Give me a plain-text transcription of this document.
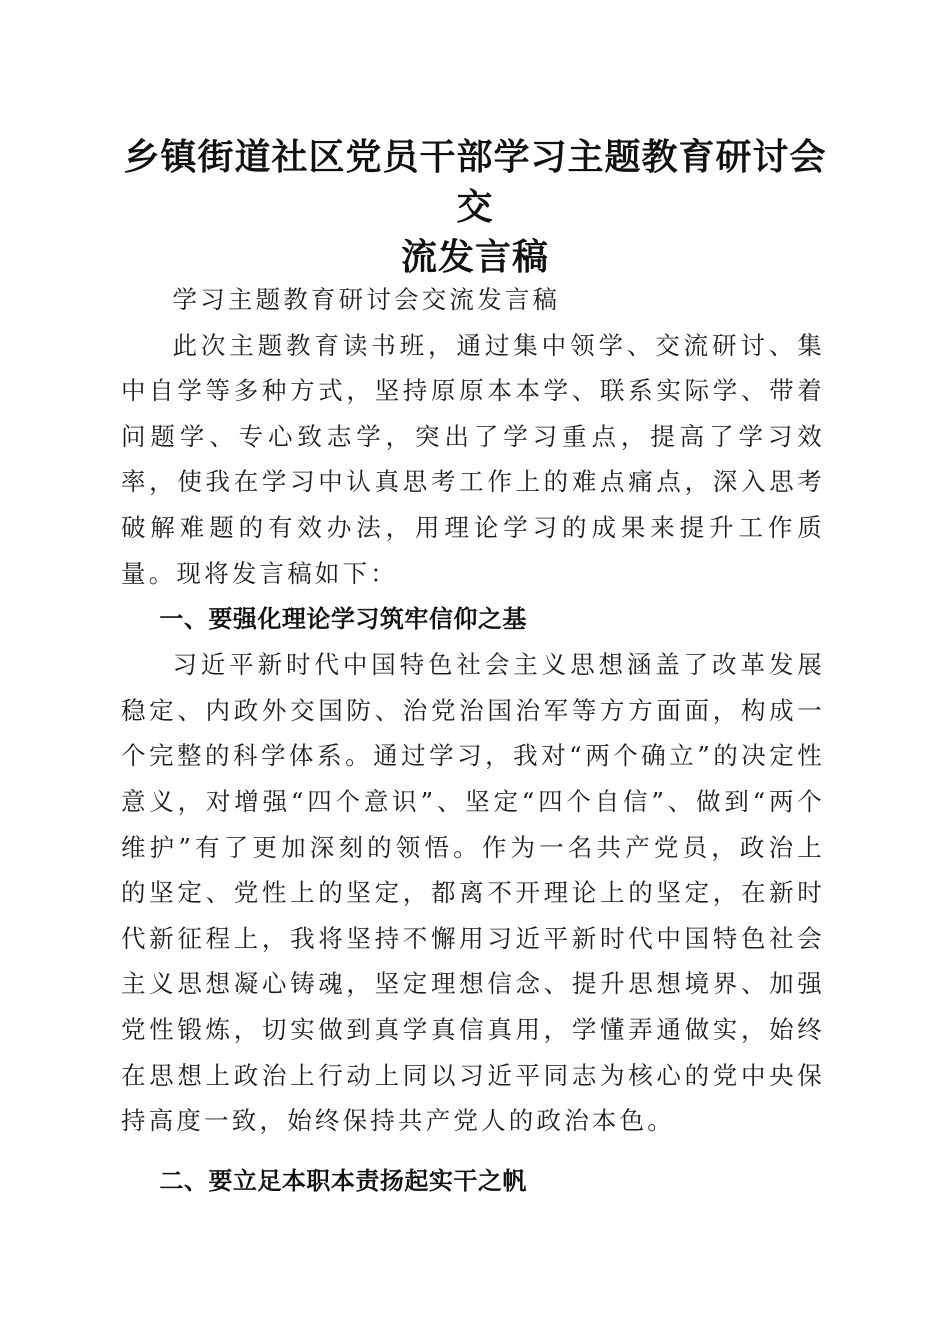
乡镇街道社区党员干部学习主题教育研讨会交
流发言稿

学习主题教育研讨会交流发言稿

此次主题教育读书班，通过集中领学、交流研讨、集中自学等多种方式，坚持原原本本学、联系实际学、带着问题学、专心致志学，突出了学习重点，提高了学习效率，使我在学习中认真思考工作上的难点痛点，深入思考破解难题的有效办法，用理论学习的成果来提升工作质量。现将发言稿如下：

一、要强化理论学习筑牢信仰之基

习近平新时代中国特色社会主义思想涵盖了改革发展稳定、内政外交国防、治党治国治军等方方面面，构成一个完整的科学体系。通过学习，我对“两个确立”的决定性意义，对增强“四个意识”、坚定“四个自信”、做到“两个维护”有了更加深刻的领悟。作为一名共产党员，政治上的坚定、党性上的坚定，都离不开理论上的坚定，在新时代新征程上，我将坚持不懈用习近平新时代中国特色社会主义思想凝心铸魂，坚定理想信念、提升思想境界、加强党性锻炼，切实做到真学真信真用，学懂弄通做实，始终在思想上政治上行动上同以习近平同志为核心的党中央保持高度一致，始终保持共产党人的政治本色。

二、要立足本职本责扬起实干之帆
